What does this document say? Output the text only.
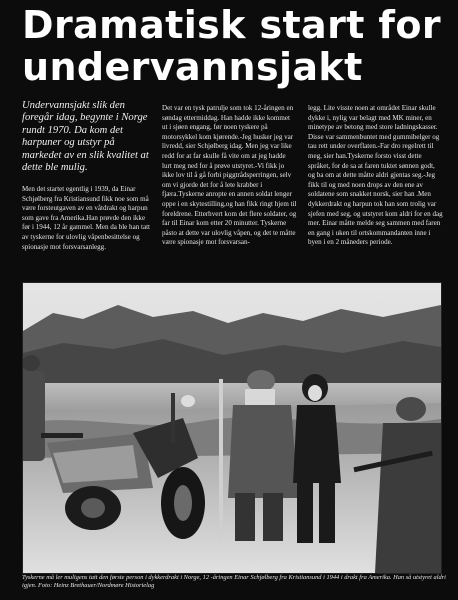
Dramatisk start for
undervannsjakt
Undervannsjakt slik den foregår idag, begynte i Norge rundt 1970. Da kom det harpuner og utstyr på markedet av en slik kvalitet at dette ble mulig.

Men det startet egentlig i 1939, da Einar Schjølberg fra Kristiansund fikk noe som må være forsteutgaven av en våtdrakt og harpun som gave fra Amerika.Han prøvde den ikke før i 1944, 12 år gammel. Men da ble han tatt av tyskerne for ulovlig våpenbesittelse og spionasje mot forsvarsanlegg.

Det var en tysk patrulje som tok 12-åringen en søndag ettermiddag. Han hadde ikke kommet ut i sjøen engang, før noen tyskere på motorsykkel kom kjørende.-Jeg husker jeg var livredd, sier Schjølberg idag. Men jeg var like redd for at far skulle få vite om at jeg hadde lurt meg ned for å prøve utstyret.-Vi fikk jo ikke lov til å gå forbi piggtrådsperringen, selv om vi gjorde det for å lete krabber i fjæra.Tyskerne anropte en annen soldat lenger oppe i en skytestilling,og han fikk ringt hjem til foreldrene. Etterhvert kom det flere soldater, og far til Einar kom etter 20 minutter. Tyskerne påsto at dette var ulovlig våpen, og det te måtte være spionasje mot forsvarsan-

legg. Lite visste noen at området Einar skulle dykke i, nylig var belagt med MK miner, en minetype av betong med store ladningskasser. Disse var sammenbuntet med gummibelger og tau rett under overflaten.-Far dro regelrett til meg, sier han.Tyskerne forsto visst dette språket, for de sa at faren tuktet sønnen godt, og ba om at dette måtte aldri gjentas seg.-Jeg fikk til og med noen drops av den ene av soldatene som snakket norsk, sier han .Men dykkerdrakt og harpun tok han som trolig var sjefen med seg, og utstyret kom aldri for en dag mer. Einar måtte melde seg sammen med faren en gang i uken til ortskommandanten inne i byen i en 2 måneders periode.

Tyskerne må ler muligens tatt den første person i dykkerdrakt i Norge, 12 -åringen Einar Schjølberg fra Kristiansund i 1944 i drakt fra Amerika. Han så utstyret aldri igjen. Foto: Heinz Brethauer/Nordmøre Historielag
